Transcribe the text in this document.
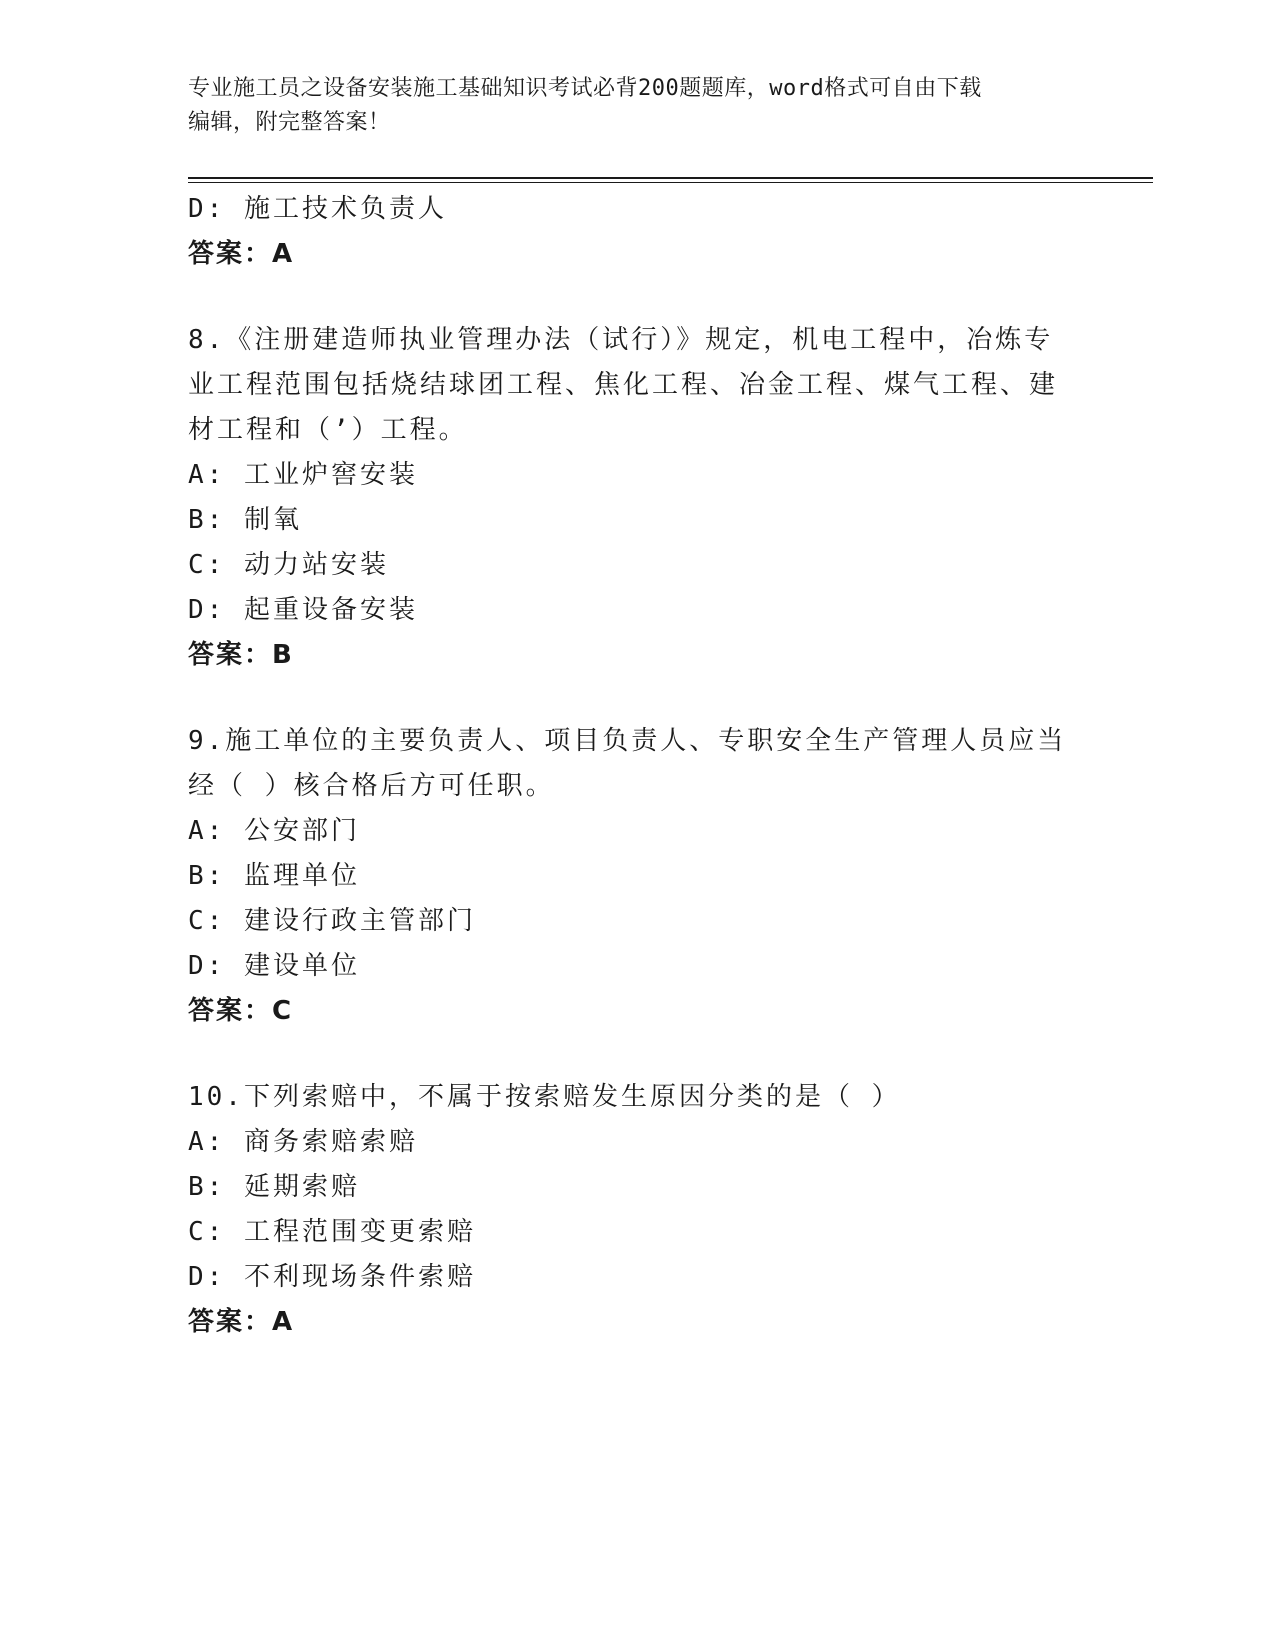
专业施工员之设备安装施工基础知识考试必背200题题库，word格式可自由下载
编辑，附完整答案！
D: 施工技术负责人
答案：A
8.《注册建造师执业管理办法（试行）》规定，机电工程中，冶炼专
业工程范围包括烧结球团工程、焦化工程、冶金工程、煤气工程、建
材工程和（’）工程。
A: 工业炉窖安装
B: 制氧
C: 动力站安装
D: 起重设备安装
答案：B
9.施工单位的主要负责人、项目负责人、专职安全生产管理人员应当
经（ ）核合格后方可任职。
A: 公安部门
B: 监理单位
C: 建设行政主管部门
D: 建设单位
答案：C
10.下列索赔中，不属于按索赔发生原因分类的是（ ）
A: 商务索赔索赔
B: 延期索赔
C: 工程范围变更索赔
D: 不利现场条件索赔
答案：A
